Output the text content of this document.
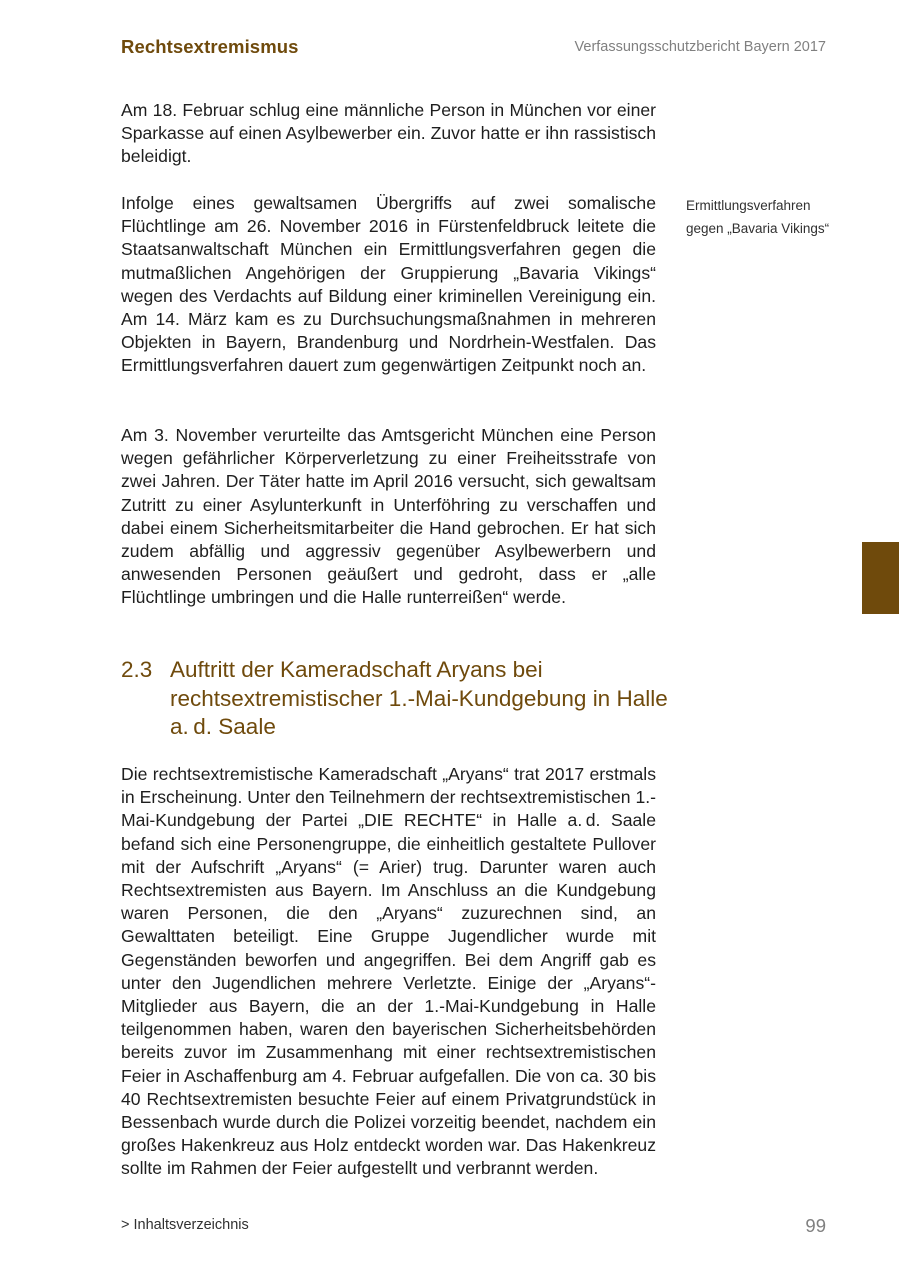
Rechtsextremismus	Verfassungsschutzbericht Bayern 2017

Am 18. Februar schlug eine männliche Person in München vor einer Sparkasse auf einen Asylbewerber ein. Zuvor hatte er ihn rassistisch beleidigt.

Infolge eines gewaltsamen Übergriffs auf zwei somalische Flüchtlinge am 26. November 2016 in Fürstenfeldbruck leitete die Staatsanwaltschaft München ein Ermittlungsverfahren gegen die mutmaßlichen Angehörigen der Gruppierung „Bavaria Vikings“ wegen des Verdachts auf Bildung einer kriminellen Vereinigung ein. Am 14. März kam es zu Durchsuchungsmaßnahmen in mehreren Objekten in Bayern, Brandenburg und Nordrhein-Westfalen. Das Ermittlungsverfahren dauert zum gegenwärtigen Zeitpunkt noch an.

Ermittlungsverfahren gegen „Bavaria Vikings“

Am 3. November verurteilte das Amtsgericht München eine Person wegen gefährlicher Körperverletzung zu einer Freiheitsstrafe von zwei Jahren. Der Täter hatte im April 2016 versucht, sich gewaltsam Zutritt zu einer Asylunterkunft in Unterföhring zu verschaffen und dabei einem Sicherheitsmitarbeiter die Hand gebrochen. Er hat sich zudem abfällig und aggressiv gegenüber Asylbewerbern und anwesenden Personen geäußert und gedroht, dass er „alle Flüchtlinge umbringen und die Halle runterreißen“ werde.

2.3 Auftritt der Kameradschaft Aryans bei rechtsextremistischer 1.-Mai-Kundgebung in Halle a. d. Saale

Die rechtsextremistische Kameradschaft „Aryans“ trat 2017 erstmals in Erscheinung. Unter den Teilnehmern der rechtsextremistischen 1.-Mai-Kundgebung der Partei „DIE RECHTE“ in Halle a. d. Saale befand sich eine Personengruppe, die einheitlich gestaltete Pullover mit der Aufschrift „Aryans“ (= Arier) trug. Darunter waren auch Rechtsextremisten aus Bayern. Im Anschluss an die Kundgebung waren Personen, die den „Aryans“ zuzurechnen sind, an Gewalttaten beteiligt. Eine Gruppe Jugendlicher wurde mit Gegenständen beworfen und angegriffen. Bei dem Angriff gab es unter den Jugendlichen mehrere Verletzte. Einige der „Aryans“-Mitglieder aus Bayern, die an der 1.-Mai-Kundgebung in Halle teilgenommen haben, waren den bayerischen Sicherheitsbehörden bereits zuvor im Zusammenhang mit einer rechtsextremistischen Feier in Aschaffenburg am 4. Februar aufgefallen. Die von ca. 30 bis 40 Rechtsextremisten besuchte Feier auf einem Privatgrundstück in Bessenbach wurde durch die Polizei vorzeitig beendet, nachdem ein großes Hakenkreuz aus Holz entdeckt worden war. Das Hakenkreuz sollte im Rahmen der Feier aufgestellt und verbrannt werden.

> Inhaltsverzeichnis	99
